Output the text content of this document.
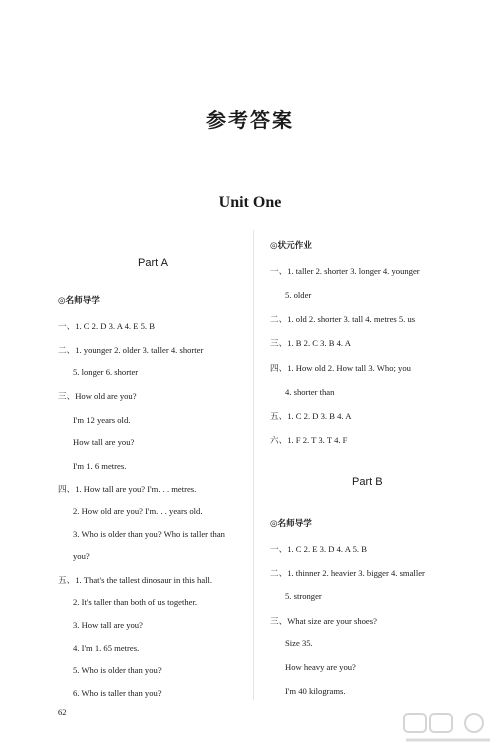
参考答案
Unit One
Part A
◎名师导学
一、1. C 2. D 3. A 4. E 5. B
二、1. younger 2. older 3. taller 4. shorter
5. longer 6. shorter
三、How old are you?
I'm 12 years old.
How tall are you?
I'm 1. 6 metres.
四、1. How tall are you? I'm. . . metres.
2. How old are you? I'm. . . years old.
3. Who is older than you? Who is taller than
you?
五、1. That's the tallest dinosaur in this hall.
2. It's taller than both of us together.
3. How tall are you?
4. I'm 1. 65 metres.
5. Who is older than you?
6. Who is taller than you?
◎状元作业
一、1. taller 2. shorter 3. longer 4. younger
5. older
二、1. old 2. shorter 3. tall 4. metres 5. us
三、1. B 2. C 3. B 4. A
四、1. How old 2. How tall 3. Who; you
4. shorter than
五、1. C 2. D 3. B 4. A
六、1. F 2. T 3. T 4. F
Part B
◎名师导学
一、1. C 2. E 3. D 4. A 5. B
二、1. thinner 2. heavier 3. bigger 4. smaller
5. stronger
三、What size are your shoes?
Size 35.
How heavy are you?
I'm 40 kilograms.
62
